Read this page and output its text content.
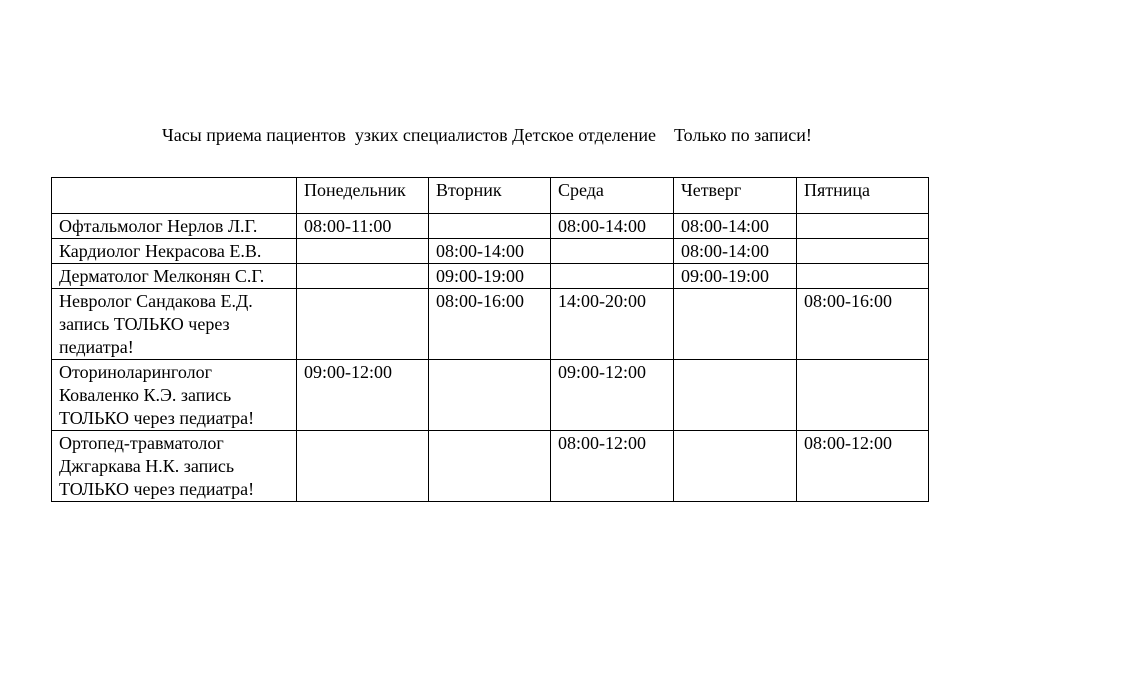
Часы приема пациентов  узких специалистов Детское отделение    Только по записи!
	Понедельник	Вторник	Среда	Четверг	Пятница
Офтальмолог Нерлов Л.Г.	08:00-11:00		08:00-14:00	08:00-14:00	
Кардиолог Некрасова Е.В.		08:00-14:00		08:00-14:00	
Дерматолог Мелконян С.Г.		09:00-19:00		09:00-19:00	
Невролог Сандакова Е.Д. запись ТОЛЬКО через педиатра!		08:00-16:00	14:00-20:00		08:00-16:00
Оториноларинголог Коваленко К.Э. запись ТОЛЬКО через педиатра!	09:00-12:00		09:00-12:00		
Ортопед-травматолог Джгаркава Н.К. запись ТОЛЬКО через педиатра!			08:00-12:00		08:00-12:00
